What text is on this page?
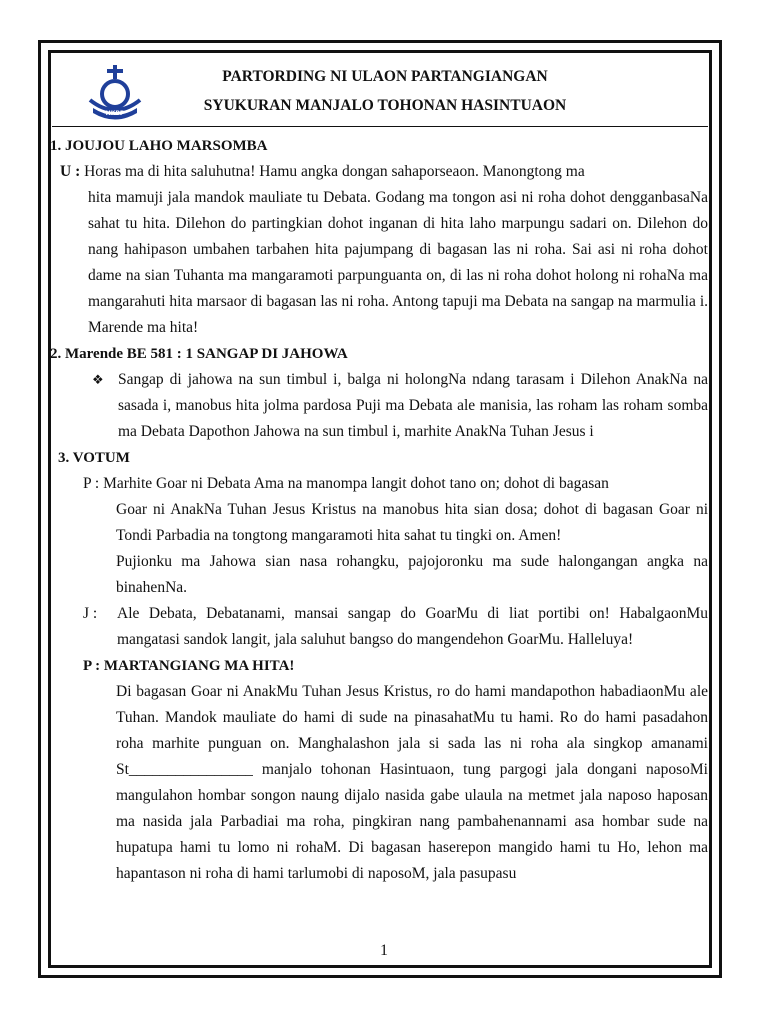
HKBP
PARTORDING NI ULAON PARTANGIANGAN
SYUKURAN MANJALO TOHONAN HASINTUAON
1. JOUJOU LAHO MARSOMBA
U : Horas ma di hita saluhutna! Hamu angka dongan sahaporseaon. Manongtong ma
hita mamuji jala mandok mauliate tu Debata. Godang ma tongon asi ni roha dohot dengganbasaNa sahat tu hita. Dilehon do partingkian dohot inganan di hita laho marpungu sadari on. Dilehon do nang hahipason umbahen tarbahen hita pajumpang di bagasan las ni roha. Sai asi ni roha dohot dame na sian Tuhanta ma mangaramoti parpunguanta on, di las ni roha dohot holong ni rohaNa ma mangarahuti hita marsaor di bagasan las ni roha. Antong tapuji ma Debata na sangap na marmulia i. Marende ma hita!
2. Marende BE 581 : 1 SANGAP DI JAHOWA
❖ Sangap di jahowa na sun timbul i, balga ni holongNa ndang tarasam i Dilehon AnakNa na sasada i, manobus hita jolma pardosa Puji ma Debata ale manisia, las roham las roham somba ma Debata Dapothon Jahowa na sun timbul i, marhite AnakNa Tuhan Jesus i
3. VOTUM
P : Marhite Goar ni Debata Ama na manompa langit dohot tano on; dohot di bagasan
Goar ni AnakNa Tuhan Jesus Kristus na manobus hita sian dosa; dohot di bagasan Goar ni Tondi Parbadia na tongtong mangaramoti hita sahat tu tingki on. Amen!
Pujionku ma Jahowa sian nasa rohangku, pajojoronku ma sude halongangan angka na binahenNa.
J :	Ale Debata, Debatanami, mansai sangap do GoarMu di liat portibi on! HabalgaonMu mangatasi sandok langit, jala saluhut bangso do mangendehon GoarMu. Halleluya!
P : MARTANGIANG MA HITA!
Di bagasan Goar ni AnakMu Tuhan Jesus Kristus, ro do hami mandapothon habadiaonMu ale Tuhan. Mandok mauliate do hami di sude na pinasahatMu tu hami. Ro do hami pasadahon roha marhite punguan on. Manghalashon jala si sada las ni roha ala singkop amanami St________________ manjalo tohonan Hasintuaon, tung pargogi jala dongani naposoMi mangulahon hombar songon naung dijalo nasida gabe ulaula na metmet jala naposo haposan ma nasida jala Parbadiai ma roha, pingkiran nang pambahenannami asa hombar sude na hupatupa hami tu lomo ni rohaM. Di bagasan haserepon mangido hami tu Ho, lehon ma hapantason ni roha di hami tarlumobi di naposoM, jala pasupasu
1
